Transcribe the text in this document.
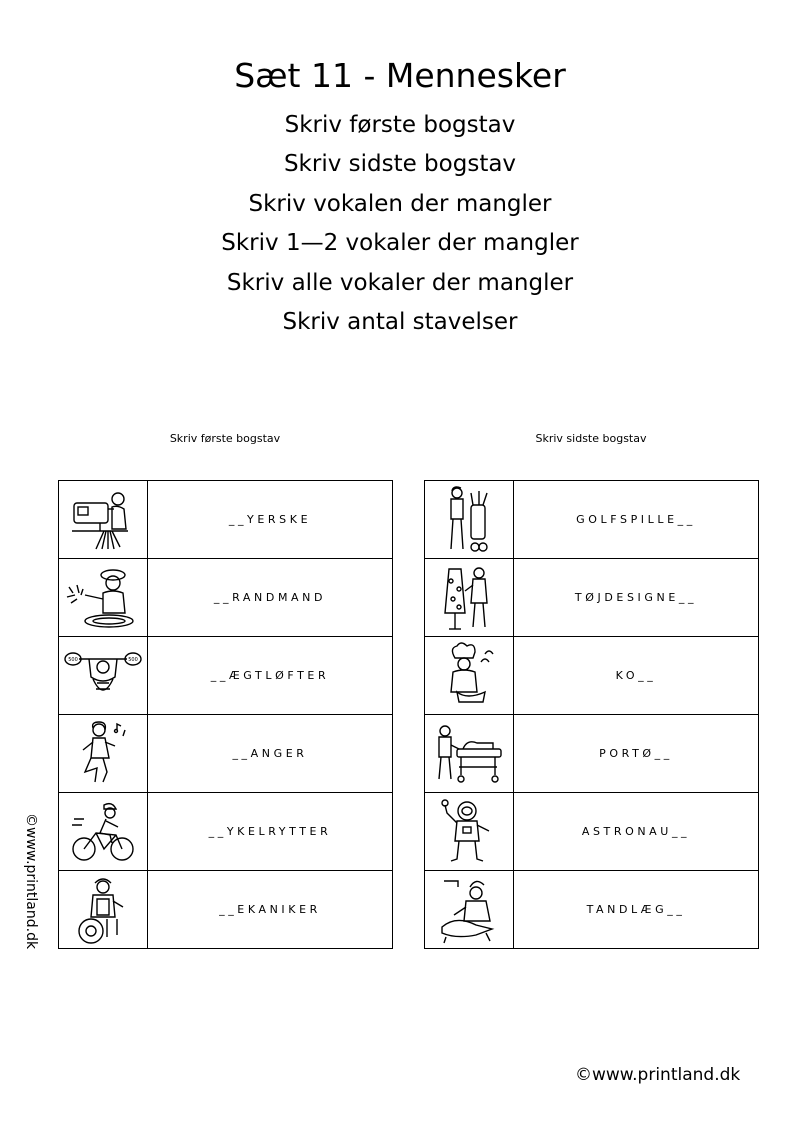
Sæt 11 - Mennesker
Skriv første bogstav
Skriv sidste bogstav
Skriv vokalen der mangler
Skriv 1—2 vokaler der mangler
Skriv alle vokaler der mangler
Skriv antal stavelser
Skriv første bogstav	Skriv sidste bogstav
	__YERSKE

	__RANDMAND

500 500	__ÆGTLØFTER

	__ANGER

	__YKELRYTTER

	__EKANIKER
	GOLFSPILLE__

	TØJDESIGNE__

	KO__

	PORTØ__

	ASTRONAU__

	TANDLÆG__
©www.printland.dk
©www.printland.dk
